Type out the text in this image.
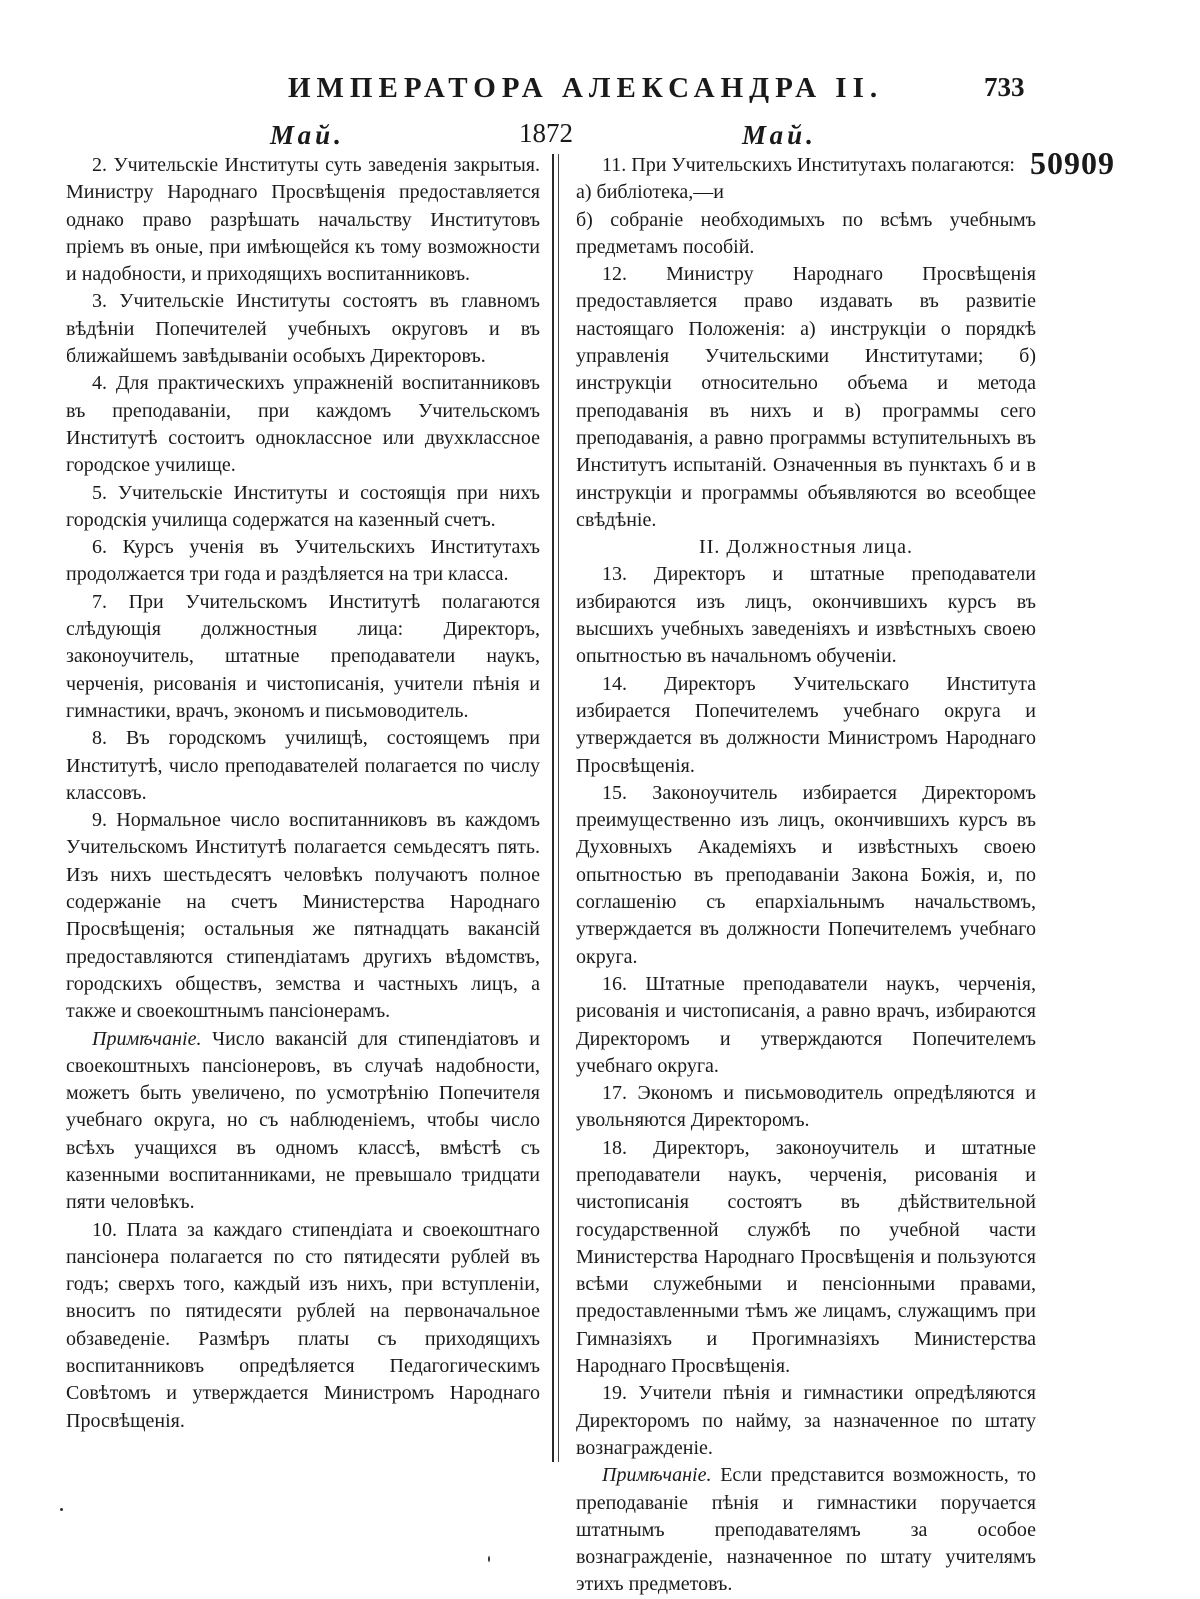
ИМПЕРАТОРА АЛЕКСАНДРА II.	733
Май.	1872	Май.
50909

2. Учительскіе Институты суть заведенія закрытыя. Министру Народнаго Просвѣщенія предоставляется однако право разрѣшать начальству Институтовъ пріемъ въ оные, при имѣющейся къ тому возможности и надобности, и приходящихъ воспитанниковъ.

3. Учительскіе Институты состоятъ въ главномъ вѣдѣніи Попечителей учебныхъ округовъ и въ ближайшемъ завѣдываніи особыхъ Директоровъ.

4. Для практическихъ упражненій воспитанниковъ въ преподаваніи, при каждомъ Учительскомъ Институтѣ состоитъ одноклассное или двухклассное городское училище.

5. Учительскіе Институты и состоящія при нихъ городскія училища содержатся на казенный счетъ.

6. Курсъ ученія въ Учительскихъ Институтахъ продолжается три года и раздѣляется на три класса.

7. При Учительскомъ Институтѣ полагаются слѣдующія должностныя лица: Директоръ, законоучитель, штатные преподаватели наукъ, черченія, рисованія и чистописанія, учители пѣнія и гимнастики, врачъ, экономъ и письмоводитель.

8. Въ городскомъ училищѣ, состоящемъ при Институтѣ, число преподавателей полагается по числу классовъ.

9. Нормальное число воспитанниковъ въ каждомъ Учительскомъ Институтѣ полагается семьдесятъ пять. Изъ нихъ шестьдесятъ человѣкъ получаютъ полное содержаніе на счетъ Министерства Народнаго Просвѣщенія; остальныя же пятнадцать вакансій предоставляются стипендіатамъ другихъ вѣдомствъ, городскихъ обществъ, земства и частныхъ лицъ, а также и своекоштнымъ пансіонерамъ.

Примѣчаніе. Число вакансій для стипендіатовъ и своекоштныхъ пансіонеровъ, въ случаѣ надобности, можетъ быть увеличено, по усмотрѣнію Попечителя учебнаго округа, но съ наблюденіемъ, чтобы число всѣхъ учащихся въ одномъ классѣ, вмѣстѣ съ казенными воспитанниками, не превышало тридцати пяти человѣкъ.

10. Плата за каждаго стипендіата и своекоштнаго пансіонера полагается по сто пятидесяти рублей въ годъ; сверхъ того, каждый изъ нихъ, при вступленіи, вноситъ по пятидесяти рублей на первоначальное обзаведеніе. Размѣръ платы съ приходящихъ воспитанниковъ опредѣляется Педагогическимъ Совѣтомъ и утверждается Министромъ Народнаго Просвѣщенія.

11. При Учительскихъ Институтахъ полагаются:

а) библіотека,—и

б) собраніе необходимыхъ по всѣмъ учебнымъ предметамъ пособій.

12. Министру Народнаго Просвѣщенія предоставляется право издавать въ развитіе настоящаго Положенія: а) инструкціи о порядкѣ управленія Учительскими Институтами; б) инструкціи относительно объема и метода преподаванія въ нихъ и в) программы сего преподаванія, а равно программы вступительныхъ въ Институтъ испытаній. Означенныя въ пунктахъ б и в инструкціи и программы объявляются во всеобщее свѣдѣніе.

II. Должностныя лица.

13. Директоръ и штатные преподаватели избираются изъ лицъ, окончившихъ курсъ въ высшихъ учебныхъ заведеніяхъ и извѣстныхъ своею опытностью въ начальномъ обученіи.

14. Директоръ Учительскаго Института избирается Попечителемъ учебнаго округа и утверждается въ должности Министромъ Народнаго Просвѣщенія.

15. Законоучитель избирается Директоромъ преимущественно изъ лицъ, окончившихъ курсъ въ Духовныхъ Академіяхъ и извѣстныхъ своею опытностью въ преподаваніи Закона Божія, и, по соглашенію съ епархіальнымъ начальствомъ, утверждается въ должности Попечителемъ учебнаго округа.

16. Штатные преподаватели наукъ, черченія, рисованія и чистописанія, а равно врачъ, избираются Директоромъ и утверждаются Попечителемъ учебнаго округа.

17. Экономъ и письмоводитель опредѣляются и увольняются Директоромъ.

18. Директоръ, законоучитель и штатные преподаватели наукъ, черченія, рисованія и чистописанія состоятъ въ дѣйствительной государственной службѣ по учебной части Министерства Народнаго Просвѣщенія и пользуются всѣми служебными и пенсіонными правами, предоставленными тѣмъ же лицамъ, служащимъ при Гимназіяхъ и Прогимназіяхъ Министерства Народнаго Просвѣщенія.

19. Учители пѣнія и гимнастики опредѣляются Директоромъ по найму, за назначенное по штату вознагражденіе.

Примѣчаніе. Если представится возможность, то преподаваніе пѣнія и гимнастики поручается штатнымъ преподавателямъ за особое вознагражденіе, назначенное по штату учителямъ этихъ предметовъ.
